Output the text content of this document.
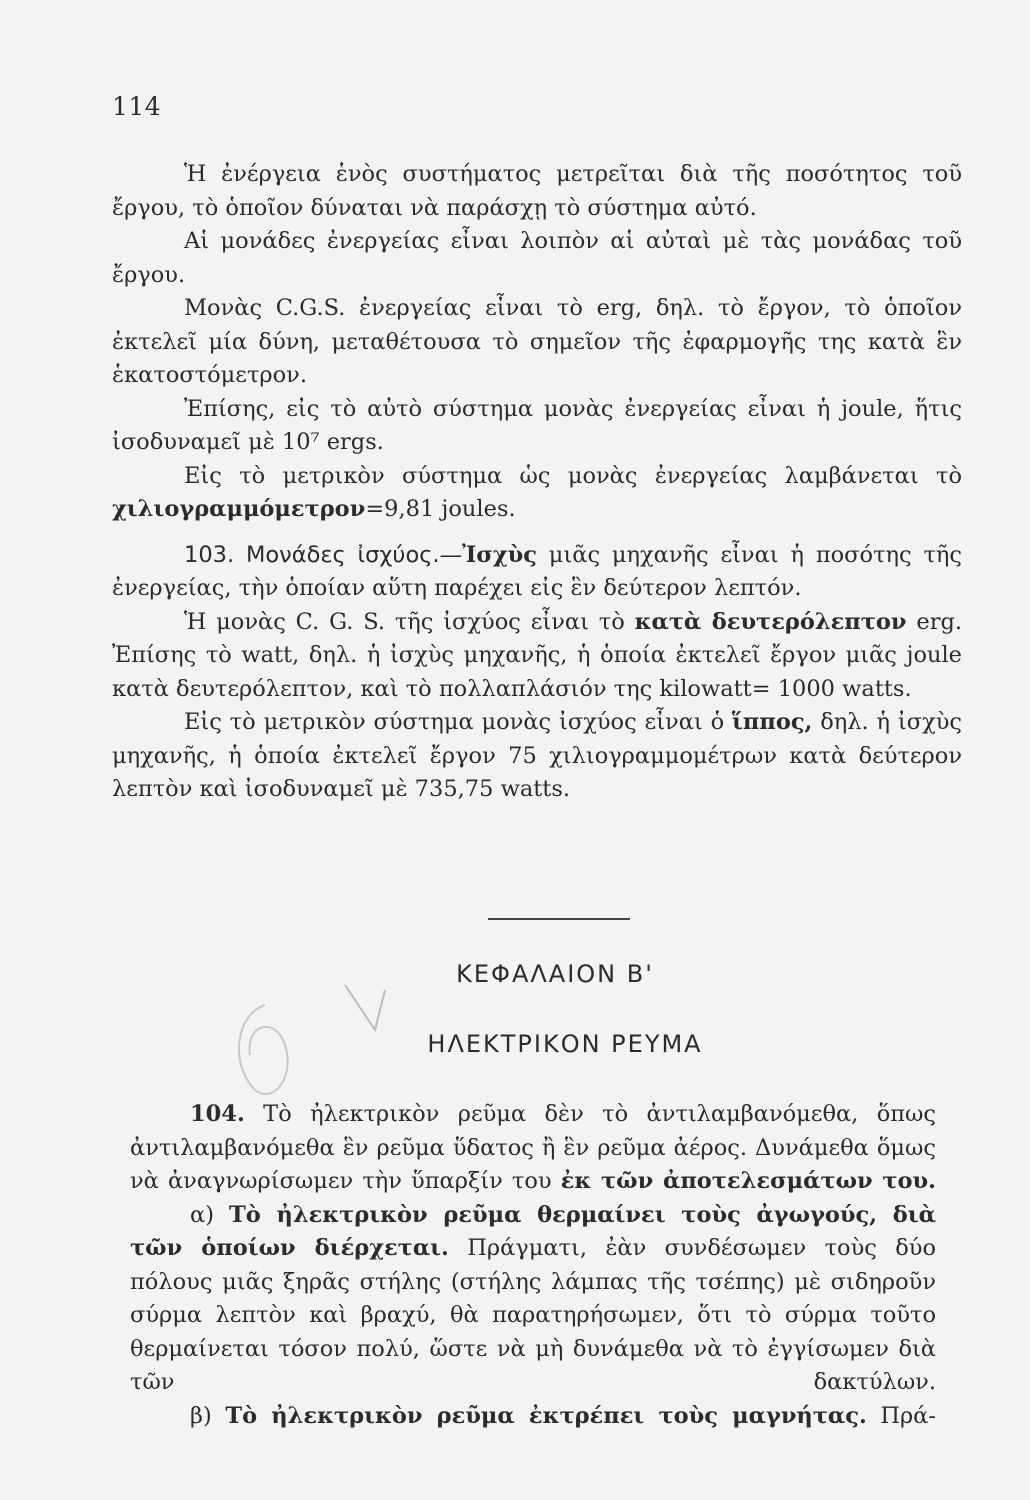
114

Ἡ ἐνέργεια ἑνὸς συστήματος μετρεῖται διὰ τῆς ποσότητος τοῦ ἔργου, τὸ ὁποῖον δύναται νὰ παράσχῃ τὸ σύστημα αὐτό.

Αἱ μονάδες ἐνεργείας εἶναι λοιπὸν αἱ αὐταὶ μὲ τὰς μονάδας τοῦ ἔργου.

Μονὰς C.G.S. ἐνεργείας εἶναι τὸ erg, δηλ. τὸ ἔργον, τὸ ὁποῖον ἐκτελεῖ μία δύνη, μεταθέτουσα τὸ σημεῖον τῆς ἐφαρμογῆς της κατὰ ἓν ἑκατοστόμετρον.

Ἐπίσης, εἰς τὸ αὐτὸ σύστημα μονὰς ἐνεργείας εἶναι ἡ joule, ἥτις ἰσοδυναμεῖ μὲ 10⁷ ergs.

Εἰς τὸ μετρικὸν σύστημα ὡς μονὰς ἐνεργείας λαμβάνεται τὸ χιλιογραμμόμετρον=9,81 joules.

103. Μονάδες ἰσχύος.—Ἰσχὺς μιᾶς μηχανῆς εἶναι ἡ ποσότης τῆς ἐνεργείας, τὴν ὁποίαν αὕτη παρέχει εἰς ἓν δεύτερον λεπτόν.

Ἡ μονὰς C. G. S. τῆς ἰσχύος εἶναι τὸ κατὰ δευτερόλεπτον erg. Ἐπίσης τὸ watt, δηλ. ἡ ἰσχὺς μηχανῆς, ἡ ὁποία ἐκτελεῖ ἔργον μιᾶς joule κατὰ δευτερόλεπτον, καὶ τὸ πολλαπλάσιόν της kilowatt= 1000 watts.

Εἰς τὸ μετρικὸν σύστημα μονὰς ἰσχύος εἶναι ὁ ἵππος, δηλ. ἡ ἰσχὺς μηχανῆς, ἡ ὁποία ἐκτελεῖ ἔργον 75 χιλιογραμμομέτρων κατὰ δεύτερον λεπτὸν καὶ ἰσοδυναμεῖ μὲ 735,75 watts.

ΚΕΦΑΛΑΙΟΝ Β'
ΗΛΕΚΤΡΙΚΟΝ ΡΕΥΜΑ

104. Τὸ ἠλεκτρικὸν ρεῦμα δὲν τὸ ἀντιλαμβανόμεθα, ὅπως ἀντιλαμβανόμεθα ἓν ρεῦμα ὕδατος ἢ ἓν ρεῦμα ἀέρος. Δυνάμεθα ὅμως νὰ ἀναγνωρίσωμεν τὴν ὕπαρξίν του ἐκ τῶν ἀποτελεσμάτων του.

α) Τὸ ἠλεκτρικὸν ρεῦμα θερμαίνει τοὺς ἀγωγούς, διὰ τῶν ὁποίων διέρχεται. Πράγματι, ἐὰν συνδέσωμεν τοὺς δύο πόλους μιᾶς ξηρᾶς στήλης (στήλης λάμπας τῆς τσέπης) μὲ σιδηροῦν σύρμα λεπτὸν καὶ βραχύ, θὰ παρατηρήσωμεν, ὅτι τὸ σύρμα τοῦτο θερμαίνεται τόσον πολύ, ὥστε νὰ μὴ δυνάμεθα νὰ τὸ ἐγγίσωμεν διὰ τῶν δακτύλων.

β) Τὸ ἠλεκτρικὸν ρεῦμα ἐκτρέπει τοὺς μαγνήτας. Πρά-
